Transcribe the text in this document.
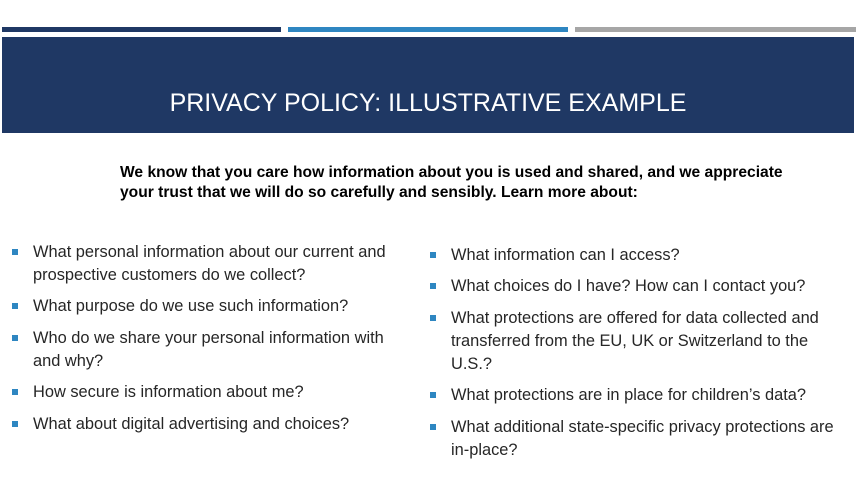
PRIVACY POLICY: ILLUSTRATIVE EXAMPLE
We know that you care how information about you is used and shared, and we appreciate your trust that we will do so carefully and sensibly. Learn more about:
What personal information about our current and prospective customers do we collect?
What purpose do we use such information?
Who do we share your personal information with and why?
How secure is information about me?
What about digital advertising and choices?
What information can I access?
What choices do I have? How can I contact you?
What protections are offered for data collected and transferred from the EU, UK or Switzerland to the U.S.?
What protections are in place for children’s data?
What additional state-specific privacy protections are in-place?
